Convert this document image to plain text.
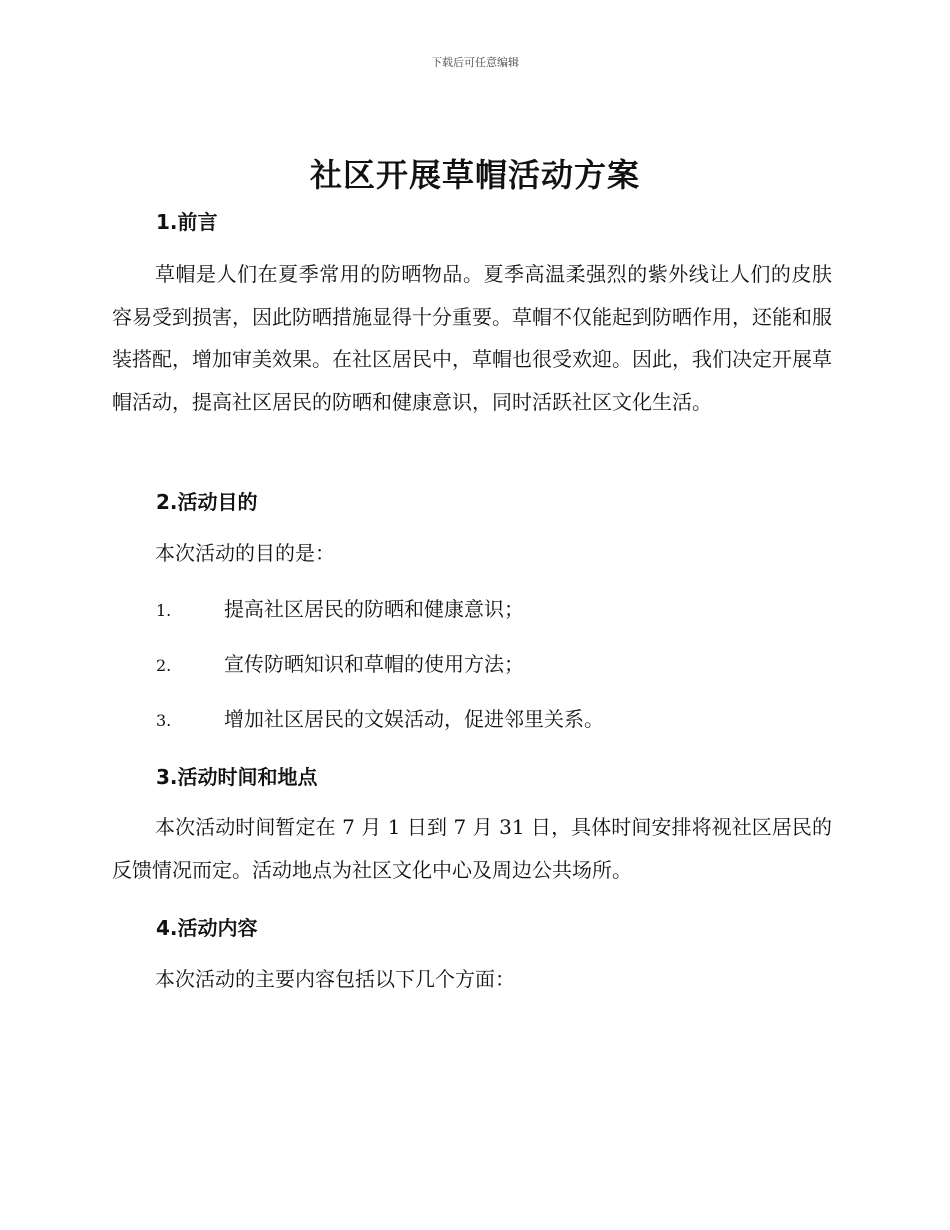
下载后可任意编辑
社区开展草帽活动方案
1.前言

草帽是人们在夏季常用的防晒物品。夏季高温柔强烈的紫外线让人们的皮肤容易受到损害，因此防晒措施显得十分重要。草帽不仅能起到防晒作用，还能和服装搭配，增加审美效果。在社区居民中，草帽也很受欢迎。因此，我们决定开展草帽活动，提高社区居民的防晒和健康意识，同时活跃社区文化生活。

2.活动目的

本次活动的目的是：

1.	提高社区居民的防晒和健康意识；
2.	宣传防晒知识和草帽的使用方法；
3.	增加社区居民的文娱活动，促进邻里关系。
3.活动时间和地点

本次活动时间暂定在 7 月 1 日到 7 月 31 日，具体时间安排将视社区居民的反馈情况而定。活动地点为社区文化中心及周边公共场所。

4.活动内容

本次活动的主要内容包括以下几个方面：
